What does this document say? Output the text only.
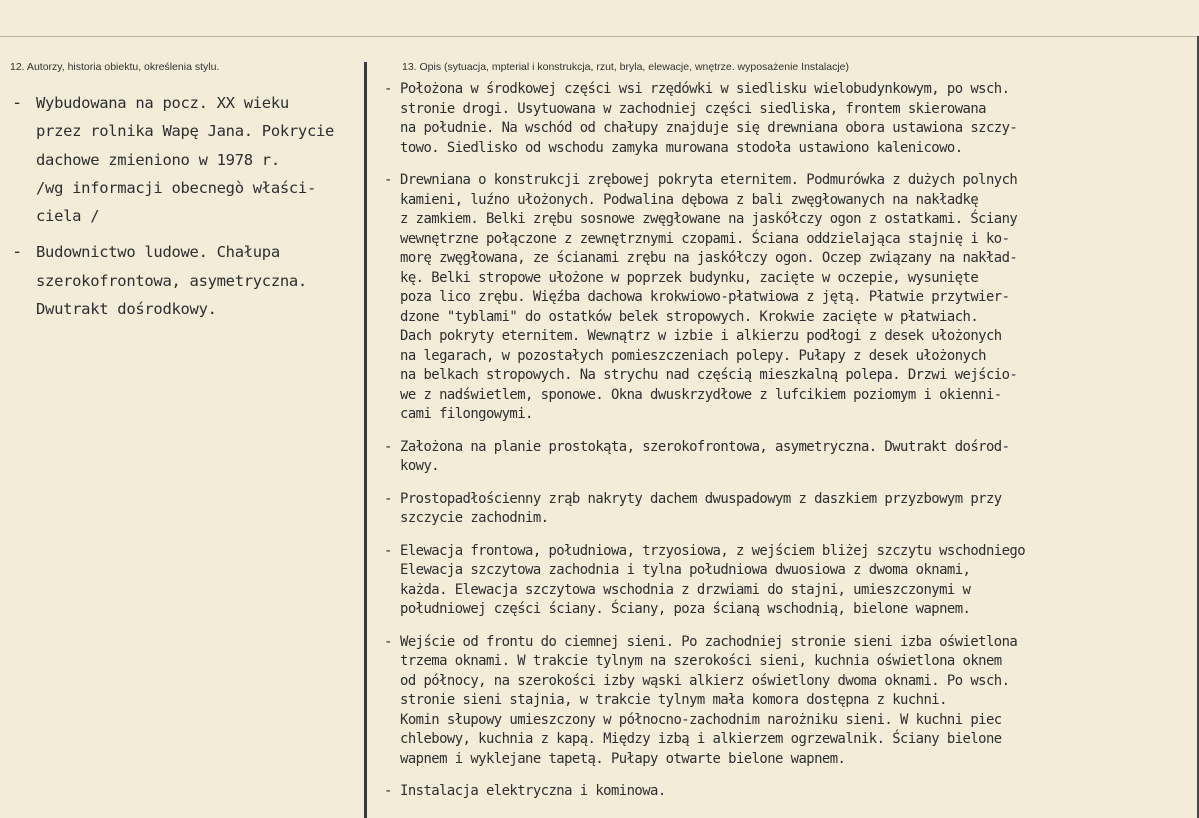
12. Autorzy, historia obiektu, określenia stylu.	13. Opis (sytuacja, mpterial i konstrukcja, rzut, bryla, elewacje, wnętrze. wyposażenie Instalacje)
- Wybudowana na pocz. XX wieku
przez rolnika Wapę Jana. Pokrycie
dachowe zmieniono w 1978 r.
/wg informacji obecnegò właści-
ciela /
- Budownictwo ludowe. Chałupa
szerokofrontowa, asymetryczna.
Dwutrakt dośrodkowy.
- Położona w środkowej części wsi rzędówki w siedlisku wielobudynkowym, po wsch.
stronie drogi. Usytuowana w zachodniej części siedliska, frontem skierowana
na południe. Na wschód od chałupy znajduje się drewniana obora ustawiona szczy-
towo. Siedlisko od wschodu zamyka murowana stodoła ustawiono kalenicowo.
- Drewniana o konstrukcji zrębowej pokryta eternitem. Podmurówka z dużych polnych
kamieni, luźno ułożonych. Podwalina dębowa z bali zwęgłowanych na nakładkę
z zamkiem. Belki zrębu sosnowe zwęgłowane na jaskółczy ogon z ostatkami. Ściany
wewnętrzne połączone z zewnętrznymi czopami. Ściana oddzielająca stajnię i ko-
morę zwęgłowana, ze ścianami zrębu na jaskółczy ogon. Oczep związany na nakład-
kę. Belki stropowe ułożone w poprzek budynku, zacięte w oczepie, wysunięte
poza lico zrębu. Więźba dachowa krokwiowo-płatwiowa z jętą. Płatwie przytwier-
dzone "tyblami" do ostatków belek stropowych. Krokwie zacięte w płatwiach.
Dach pokryty eternitem. Wewnątrz w izbie i alkierzu podłogi z desek ułożonych
na legarach, w pozostałych pomieszczeniach polepy. Pułapy z desek ułożonych
na belkach stropowych. Na strychu nad częścią mieszkalną polepa. Drzwi wejścio-
we z nadświetlem, sponowe. Okna dwuskrzydłowe z lufcikiem poziomym i okienni-
cami filongowymi.
- Założona na planie prostokąta, szerokofrontowa, asymetryczna. Dwutrakt dośrod-
kowy.
- Prostopadłościenny zrąb nakryty dachem dwuspadowym z daszkiem przyzbowym przy
szczycie zachodnim.
- Elewacja frontowa, południowa, trzyosiowa, z wejściem bliżej szczytu wschodniego
Elewacja szczytowa zachodnia i tylna południowa dwuosiowa z dwoma oknami,
każda. Elewacja szczytowa wschodnia z drzwiami do stajni, umieszczonymi w
południowej części ściany. Ściany, poza ścianą wschodnią, bielone wapnem.
- Wejście od frontu do ciemnej sieni. Po zachodniej stronie sieni izba oświetlona
trzema oknami. W trakcie tylnym na szerokości sieni, kuchnia oświetlona oknem
od północy, na szerokości izby wąski alkierz oświetlony dwoma oknami. Po wsch.
stronie sieni stajnia, w trakcie tylnym mała komora dostępna z kuchni.
Komin słupowy umieszczony w północno-zachodnim narożniku sieni. W kuchni piec
chlebowy, kuchnia z kapą. Między izbą i alkierzem ogrzewalnik. Ściany bielone
wapnem i wyklejane tapetą. Pułapy otwarte bielone wapnem.
- Instalacja elektryczna i kominowa.
